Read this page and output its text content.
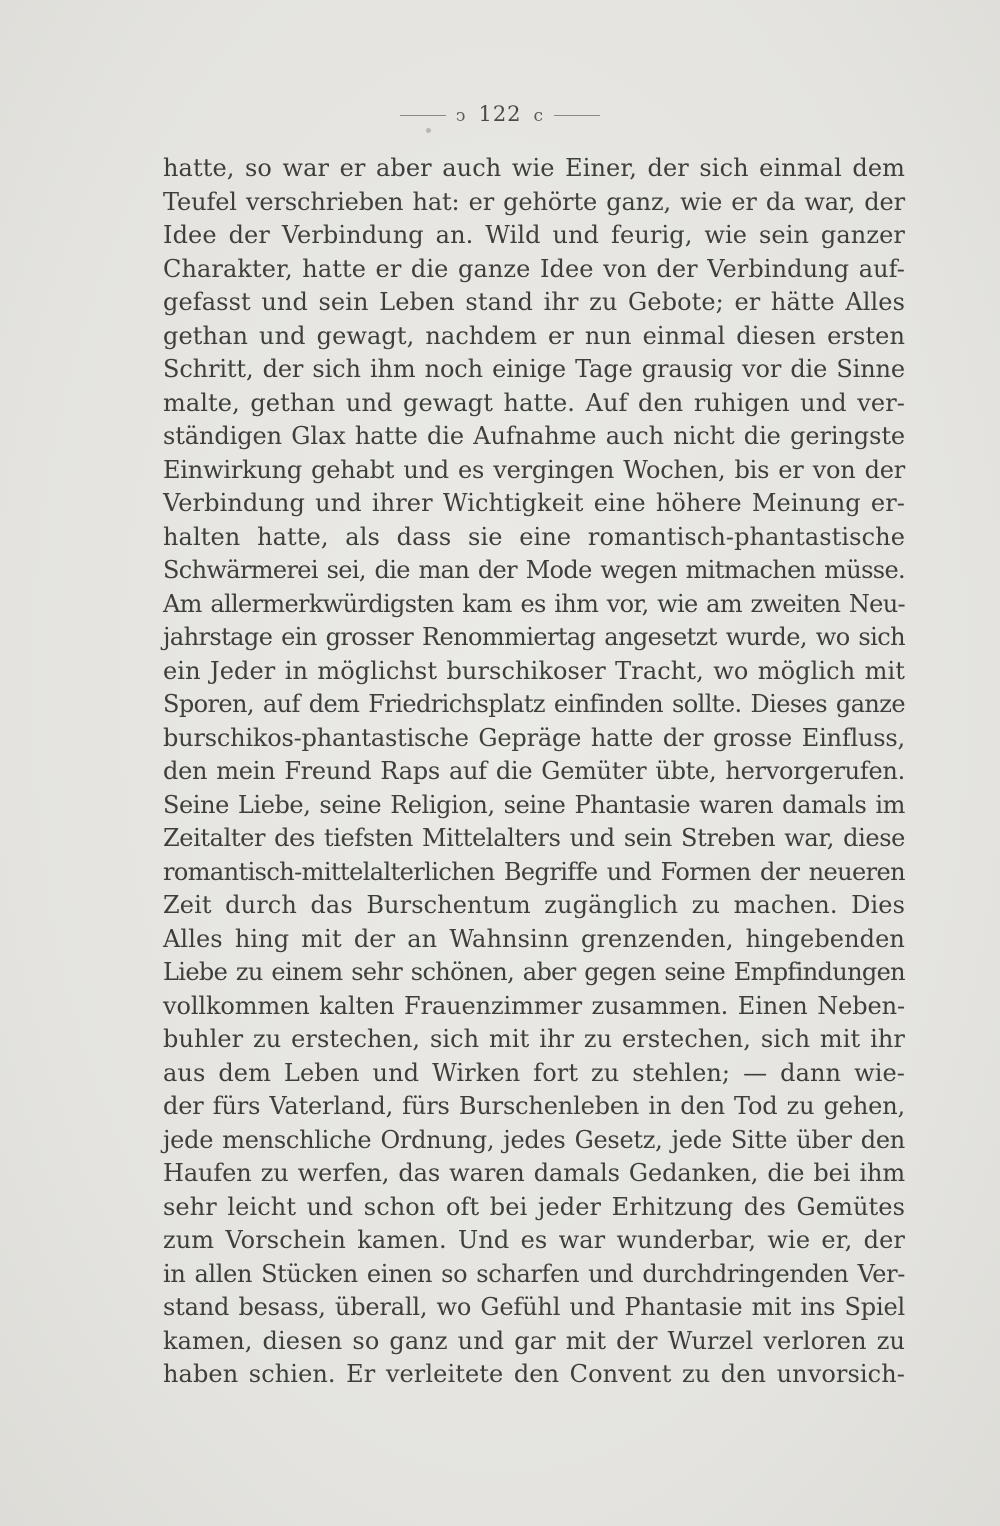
ↄ 122 c
hatte, so war er aber auch wie Einer, der sich einmal dem
Teufel verschrieben hat: er gehörte ganz, wie er da war, der
Idee der Verbindung an. Wild und feurig, wie sein ganzer
Charakter, hatte er die ganze Idee von der Verbindung auf-
gefasst und sein Leben stand ihr zu Gebote; er hätte Alles
gethan und gewagt, nachdem er nun einmal diesen ersten
Schritt, der sich ihm noch einige Tage grausig vor die Sinne
malte, gethan und gewagt hatte. Auf den ruhigen und ver-
ständigen Glax hatte die Aufnahme auch nicht die geringste
Einwirkung gehabt und es vergingen Wochen, bis er von der
Verbindung und ihrer Wichtigkeit eine höhere Meinung er-
halten hatte, als dass sie eine romantisch-phantastische
Schwärmerei sei, die man der Mode wegen mitmachen müsse.
Am allermerkwürdigsten kam es ihm vor, wie am zweiten Neu-
jahrstage ein grosser Renommiertag angesetzt wurde, wo sich
ein Jeder in möglichst burschikoser Tracht, wo möglich mit
Sporen, auf dem Friedrichsplatz einfinden sollte. Dieses ganze
burschikos-phantastische Gepräge hatte der grosse Einfluss,
den mein Freund Raps auf die Gemüter übte, hervorgerufen.
Seine Liebe, seine Religion, seine Phantasie waren damals im
Zeitalter des tiefsten Mittelalters und sein Streben war, diese
romantisch-mittelalterlichen Begriffe und Formen der neueren
Zeit durch das Burschentum zugänglich zu machen. Dies
Alles hing mit der an Wahnsinn grenzenden, hingebenden
Liebe zu einem sehr schönen, aber gegen seine Empfindungen
vollkommen kalten Frauenzimmer zusammen. Einen Neben-
buhler zu erstechen, sich mit ihr zu erstechen, sich mit ihr
aus dem Leben und Wirken fort zu stehlen; — dann wie-
der fürs Vaterland, fürs Burschenleben in den Tod zu gehen,
jede menschliche Ordnung, jedes Gesetz, jede Sitte über den
Haufen zu werfen, das waren damals Gedanken, die bei ihm
sehr leicht und schon oft bei jeder Erhitzung des Gemütes
zum Vorschein kamen. Und es war wunderbar, wie er, der
in allen Stücken einen so scharfen und durchdringenden Ver-
stand besass, überall, wo Gefühl und Phantasie mit ins Spiel
kamen, diesen so ganz und gar mit der Wurzel verloren zu
haben schien. Er verleitete den Convent zu den unvorsich-
